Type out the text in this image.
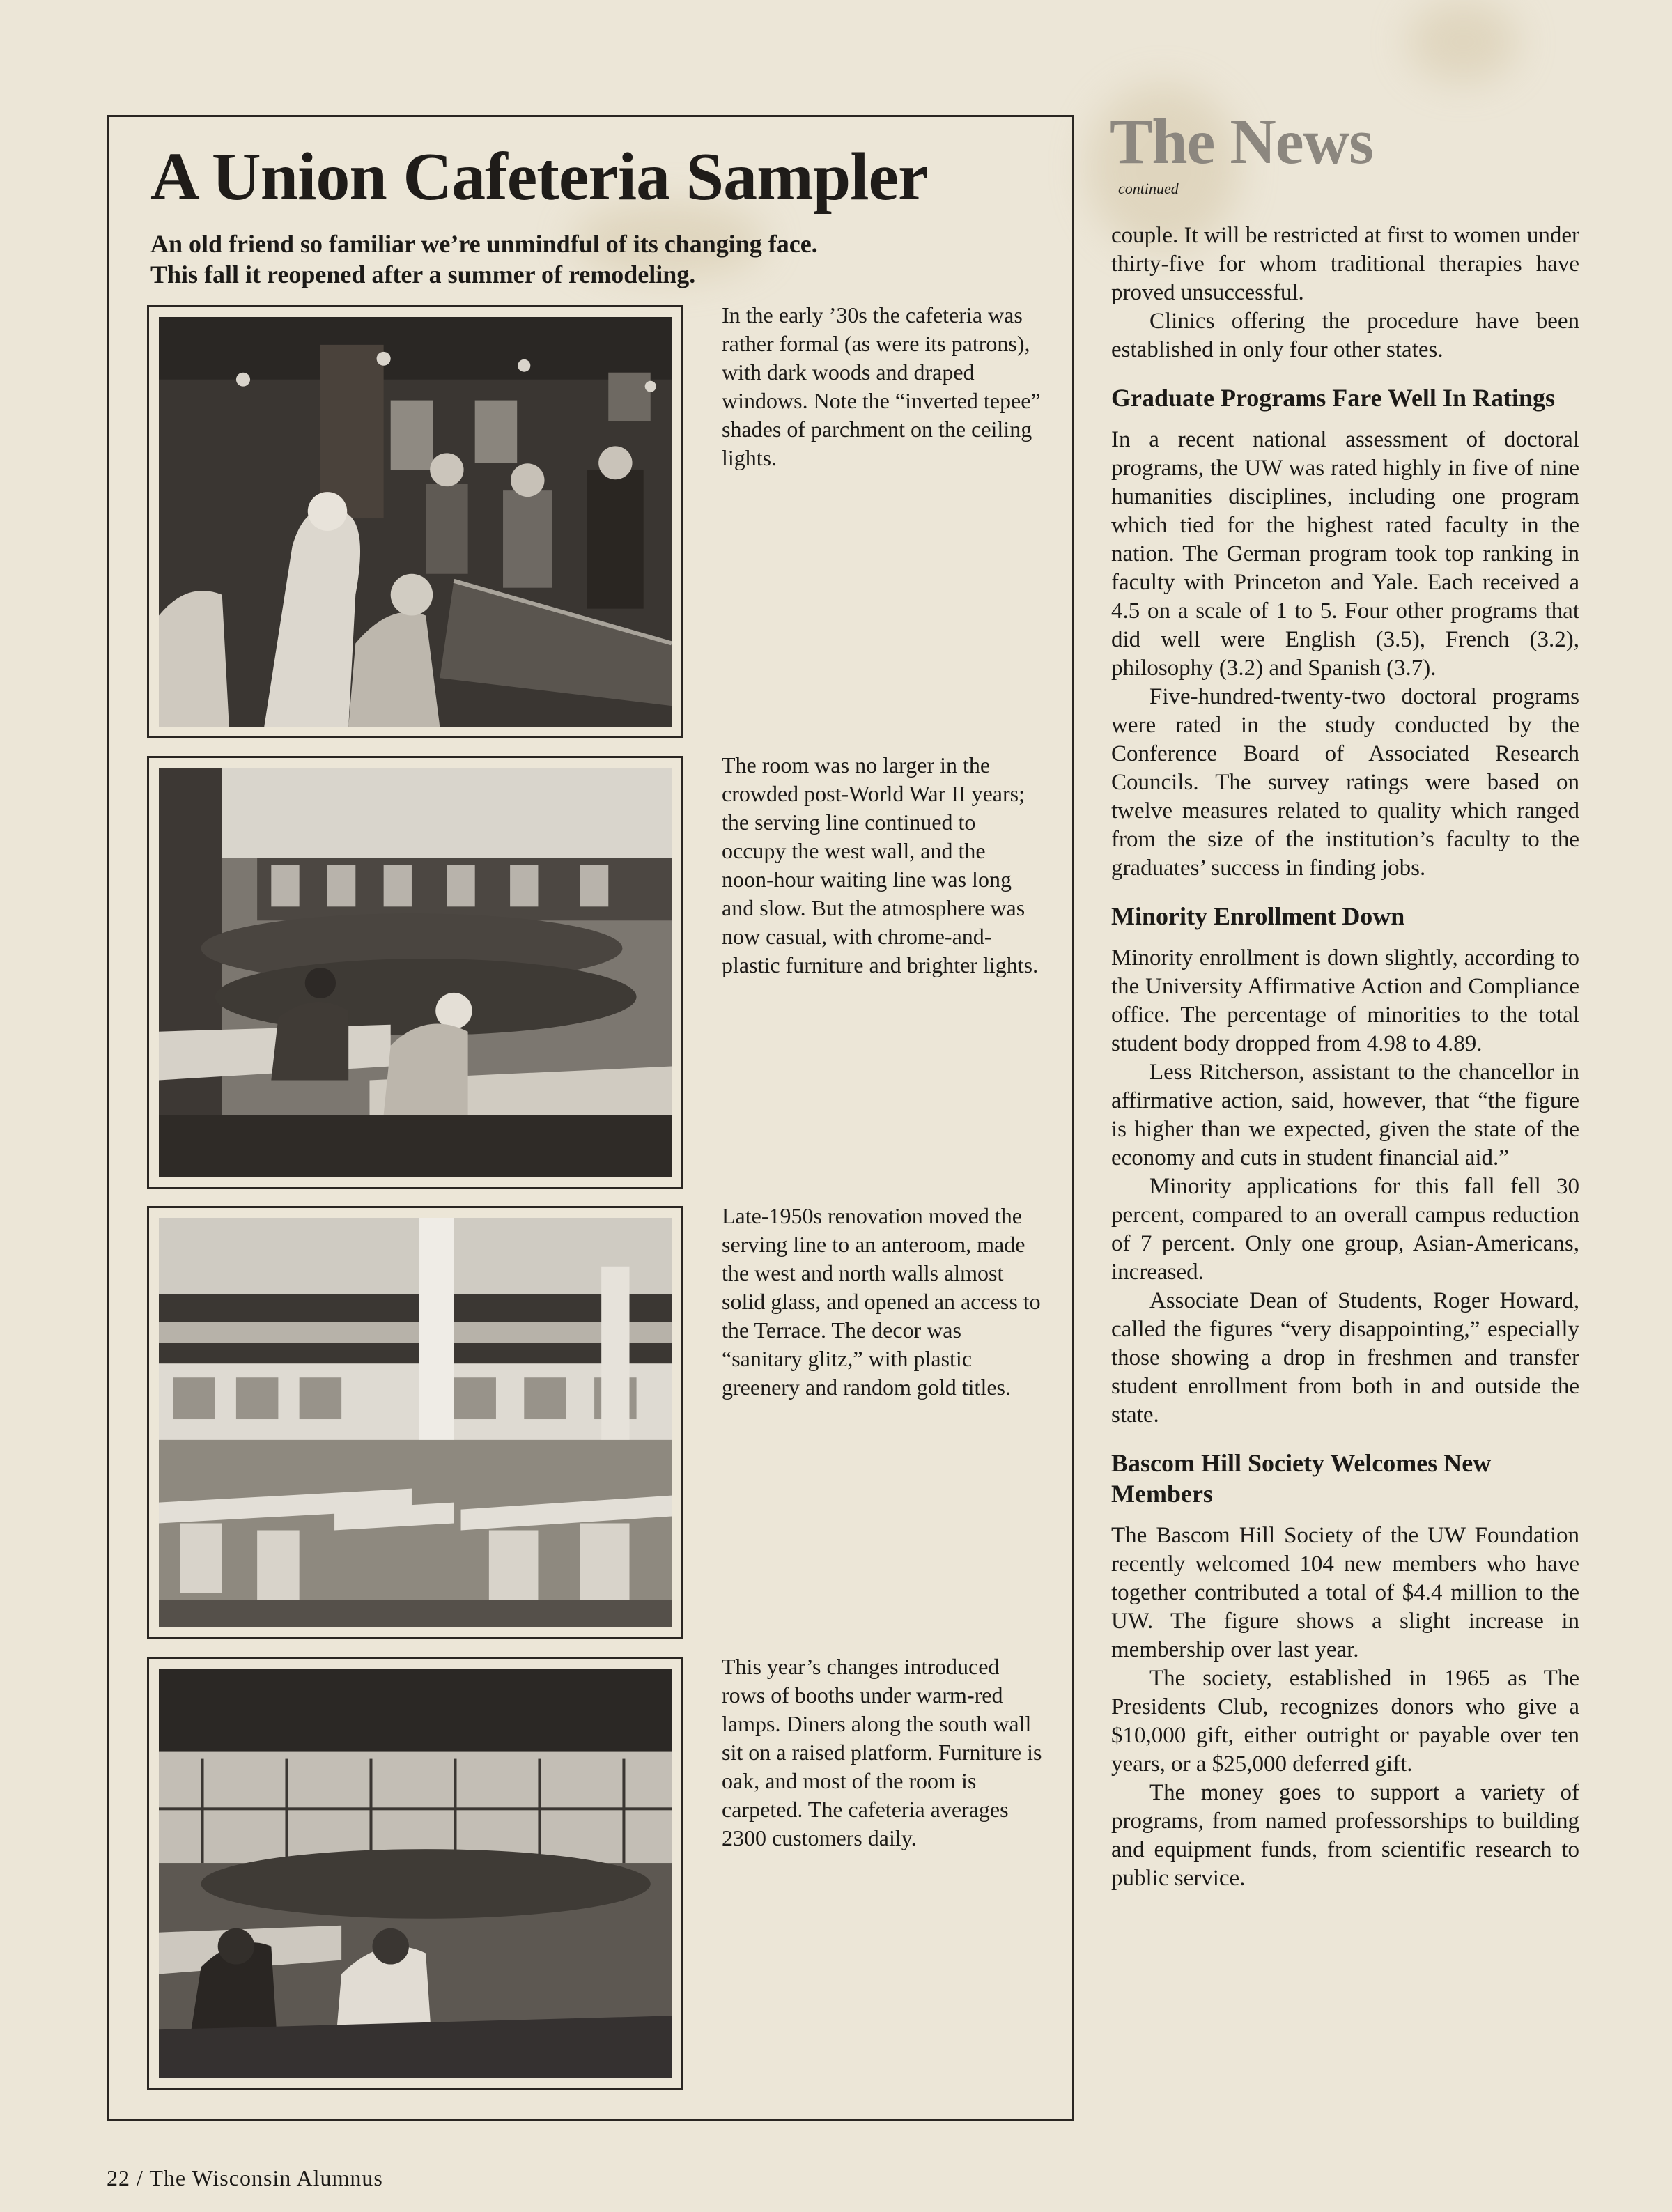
A Union Cafeteria Sampler

An old friend so familiar we’re unmindful of its changing face.
This fall it reopened after a summer of remodeling.

In the early ’30s the cafeteria was rather formal (as were its patrons), with dark woods and draped windows. Note the “inverted tepee” shades of parchment on the ceiling lights.

The room was no larger in the crowded post-World War II years; the serving line continued to occupy the west wall, and the noon-hour waiting line was long and slow. But the atmosphere was now casual, with chrome-and-plastic furniture and brighter lights.

Late-1950s renovation moved the serving line to an anteroom, made the west and north walls almost solid glass, and opened an access to the Terrace. The decor was “sanitary glitz,” with plastic greenery and random gold titles.

This year’s changes introduced rows of booths under warm-red lamps. Diners along the south wall sit on a raised platform. Furniture is oak, and most of the room is carpeted. The cafeteria averages 2300 customers daily.

The News

continued

couple. It will be restricted at first to women under thirty-five for whom traditional therapies have proved unsuccessful.

Clinics offering the procedure have been established in only four other states.

Graduate Programs Fare Well In Ratings

In a recent national assessment of doctoral programs, the UW was rated highly in five of nine humanities disciplines, including one program which tied for the highest rated faculty in the nation. The German program took top ranking in faculty with Princeton and Yale. Each received a 4.5 on a scale of 1 to 5. Four other programs that did well were English (3.5), French (3.2), philosophy (3.2) and Spanish (3.7).

Five-hundred-twenty-two doctoral programs were rated in the study conducted by the Conference Board of Associated Research Councils. The survey ratings were based on twelve measures related to quality which ranged from the size of the institution’s faculty to the graduates’ success in finding jobs.

Minority Enrollment Down

Minority enrollment is down slightly, according to the University Affirmative Action and Compliance office. The percentage of minorities to the total student body dropped from 4.98 to 4.89.

Less Ritcherson, assistant to the chancellor in affirmative action, said, however, that “the figure is higher than we expected, given the state of the economy and cuts in student financial aid.”

Minority applications for this fall fell 30 percent, compared to an overall campus reduction of 7 percent. Only one group, Asian-Americans, increased.

Associate Dean of Students, Roger Howard, called the figures “very disappointing,” especially those showing a drop in freshmen and transfer student enrollment from both in and outside the state.

Bascom Hill Society Welcomes New Members

The Bascom Hill Society of the UW Foundation recently welcomed 104 new members who have together contributed a total of $4.4 million to the UW. The figure shows a slight increase in membership over last year.

The society, established in 1965 as The Presidents Club, recognizes donors who give a $10,000 gift, either outright or payable over ten years, or a $25,000 deferred gift.

The money goes to support a variety of programs, from named professorships to building and equipment funds, from scientific research to public service.

22 / The Wisconsin Alumnus
